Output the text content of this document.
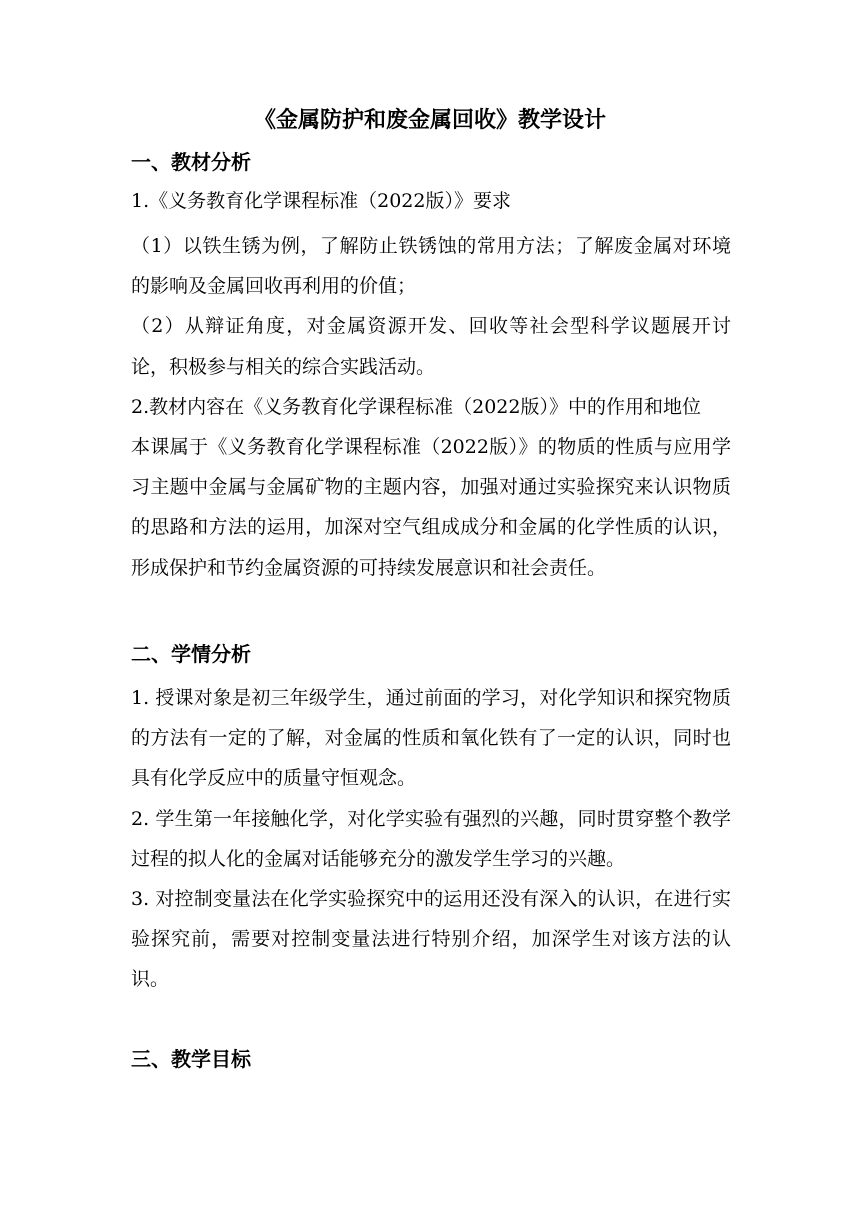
《金属防护和废金属回收》教学设计
一、教材分析

1.《义务教育化学课程标准（2022版）》要求

（1）以铁生锈为例，了解防止铁锈蚀的常用方法；了解废金属对环境的影响及金属回收再利用的价值；

（2）从辩证角度，对金属资源开发、回收等社会型科学议题展开讨论，积极参与相关的综合实践活动。

2.教材内容在《义务教育化学课程标准（2022版）》中的作用和地位

本课属于《义务教育化学课程标准（2022版）》的物质的性质与应用学习主题中金属与金属矿物的主题内容，加强对通过实验探究来认识物质的思路和方法的运用，加深对空气组成成分和金属的化学性质的认识，形成保护和节约金属资源的可持续发展意识和社会责任。

二、学情分析

1. 授课对象是初三年级学生，通过前面的学习，对化学知识和探究物质的方法有一定的了解，对金属的性质和氧化铁有了一定的认识，同时也具有化学反应中的质量守恒观念。

2. 学生第一年接触化学，对化学实验有强烈的兴趣，同时贯穿整个教学过程的拟人化的金属对话能够充分的激发学生学习的兴趣。

3. 对控制变量法在化学实验探究中的运用还没有深入的认识，在进行实验探究前，需要对控制变量法进行特别介绍，加深学生对该方法的认识。

三、教学目标
